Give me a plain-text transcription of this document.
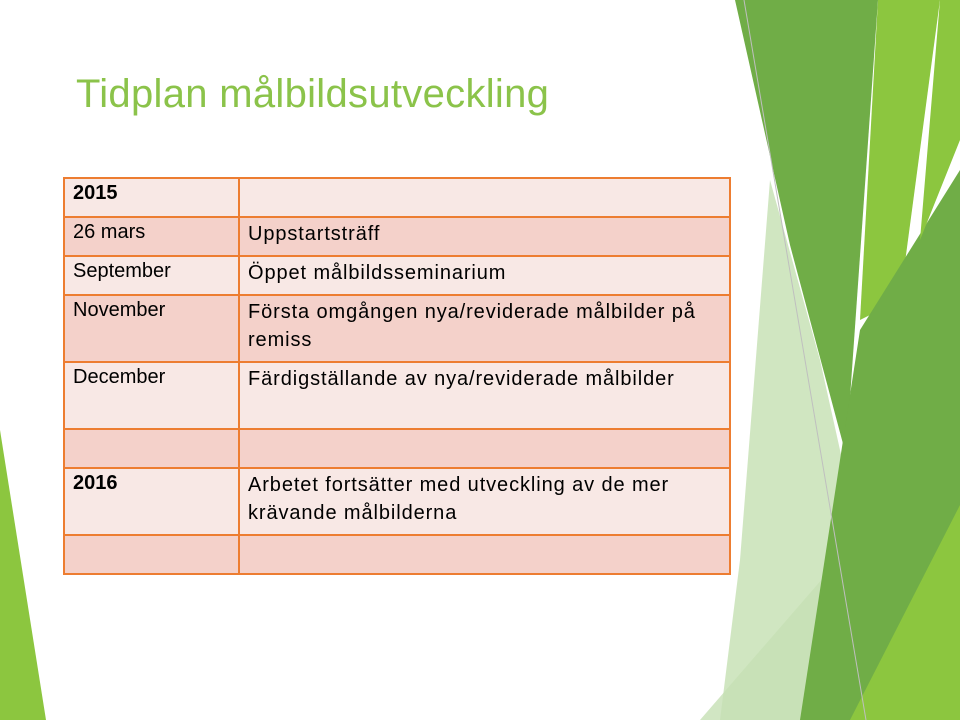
Tidplan målbildsutveckling
2015	
26 mars	Uppstartsträff
September	Öppet målbildsseminarium
November	Första omgången nya/reviderade målbilder på remiss
December	Färdigställande av nya/reviderade målbilder

2016	Arbetet fortsätter med utveckling av de mer krävande målbilderna
